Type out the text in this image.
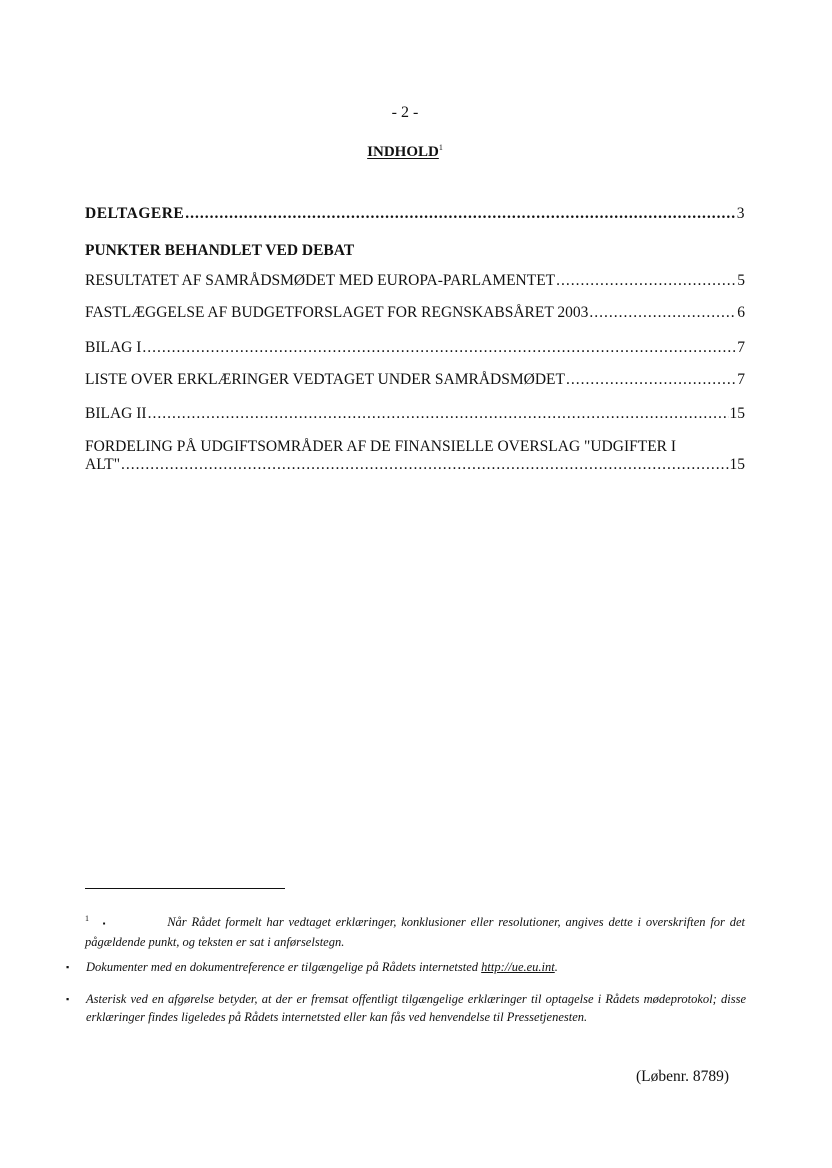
- 2 -
INDHOLD$^1$
DELTAGERE .....	3
PUNKTER BEHANDLET VED DEBAT
RESULTATET AF SAMRÅDSMØDET MED EUROPA-PARLAMENTET .....	5
FASTLÆGGELSE AF BUDGETFORSLAGET FOR REGNSKABSÅRET 2003 .....	6
BILAG I .....	7
LISTE OVER ERKLÆRINGER VEDTAGET UNDER SAMRÅDSMØDET .....	7
BILAG II .....	15
FORDELING PÅ UDGIFTSOMRÅDER AF DE FINANSIELLE OVERSLAG "UDGIFTER I
ALT" .....	15
$^1$▪	Når Rådet formelt har vedtaget erklæringer, konklusioner eller resolutioner, angives dette i overskriften for det pågældende punkt, og teksten er sat i anførselstegn.
▪	Dokumenter med en dokumentreference er tilgængelige på Rådets internetsted http://ue.eu.int.
▪	Asterisk ved en afgørelse betyder, at der er fremsat offentligt tilgængelige erklæringer til optagelse i Rådets mødeprotokol; disse erklæringer findes ligeledes på Rådets internetsted eller kan fås ved henvendelse til Pressetjenesten.
(Løbenr. 8789)
